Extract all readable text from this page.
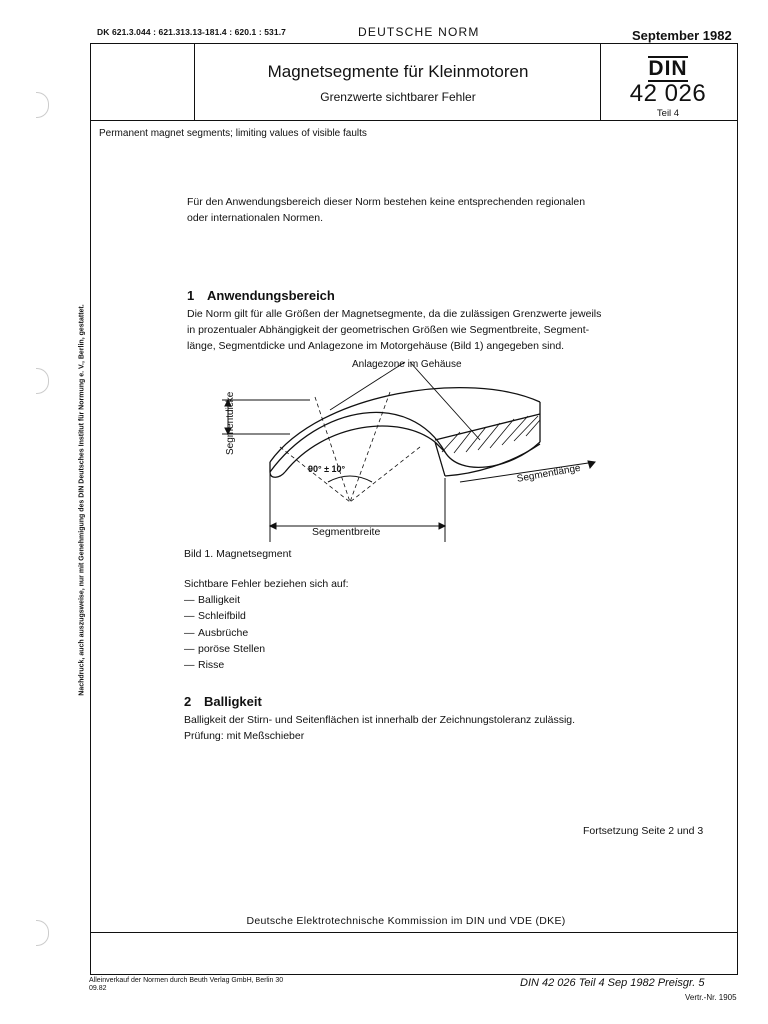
DK 621.3.044 : 621.313.13-181.4 : 620.1 : 531.7	DEUTSCHE NORM	September 1982
Magnetsegmente für Kleinmotoren
Grenzwerte sichtbarer Fehler
DIN
42 026
Teil 4
Permanent magnet segments; limiting values of visible faults
Für den Anwendungsbereich dieser Norm bestehen keine entsprechenden regionalen
oder internationalen Normen.
1 Anwendungsbereich
Die Norm gilt für alle Größen der Magnetsegmente, da die zulässigen Grenzwerte jeweils
in prozentualer Abhängigkeit der geometrischen Größen wie Segmentbreite, Segment-
länge, Segmentdicke und Anlagezone im Motorgehäuse (Bild 1) angegeben sind.
Anlagezone im Gehäuse
Segmentdicke
90° ± 10°	Segmentlänge
Segmentbreite
Bild 1. Magnetsegment
Sichtbare Fehler beziehen sich auf:
— Balligkeit
— Schleifbild
— Ausbrüche
— poröse Stellen
— Risse
2 Balligkeit
Balligkeit der Stirn- und Seitenflächen ist innerhalb der Zeichnungstoleranz zulässig.
Prüfung: mit Meßschieber
Fortsetzung Seite 2 und 3
Deutsche Elektrotechnische Kommission im DIN und VDE (DKE)
Alleinverkauf der Normen durch Beuth Verlag GmbH, Berlin 30
09.82	DIN 42 026 Teil 4 Sep 1982 Preisgr. 5
Vertr.-Nr. 1905
Nachdruck, auch auszugsweise, nur mit Genehmigung des DIN Deutsches Institut für Normung e. V., Berlin, gestattet.
